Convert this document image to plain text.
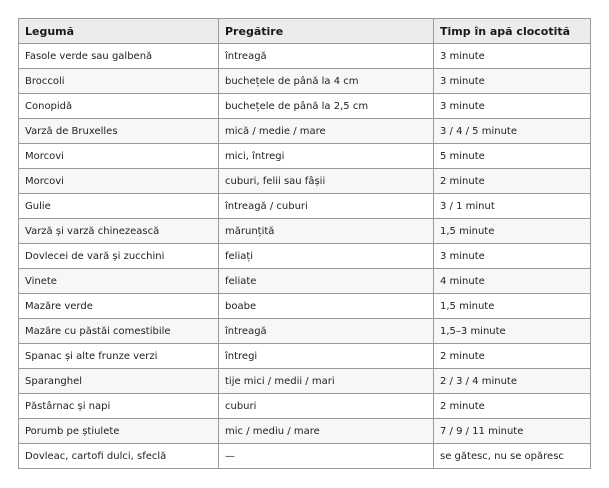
Legumă	Pregătire	Timp în apă clocotită
Fasole verde sau galbenă	întreagă	3 minute
Broccoli	buchețele de până la 4 cm	3 minute
Conopidă	buchețele de până la 2,5 cm	3 minute
Varză de Bruxelles	mică / medie / mare	3 / 4 / 5 minute
Morcovi	mici, întregi	5 minute
Morcovi	cuburi, felii sau fâșii	2 minute
Gulie	întreagă / cuburi	3 / 1 minut
Varză și varză chinezească	mărunțită	1,5 minute
Dovlecei de vară și zucchini	feliați	3 minute
Vinete	feliate	4 minute
Mazăre verde	boabe	1,5 minute
Mazăre cu păstăi comestibile	întreagă	1,5–3 minute
Spanac și alte frunze verzi	întregi	2 minute
Sparanghel	tije mici / medii / mari	2 / 3 / 4 minute
Păstârnac și napi	cuburi	2 minute
Porumb pe știulete	mic / mediu / mare	7 / 9 / 11 minute
Dovleac, cartofi dulci, sfeclă	—	se gătesc, nu se opăresc
